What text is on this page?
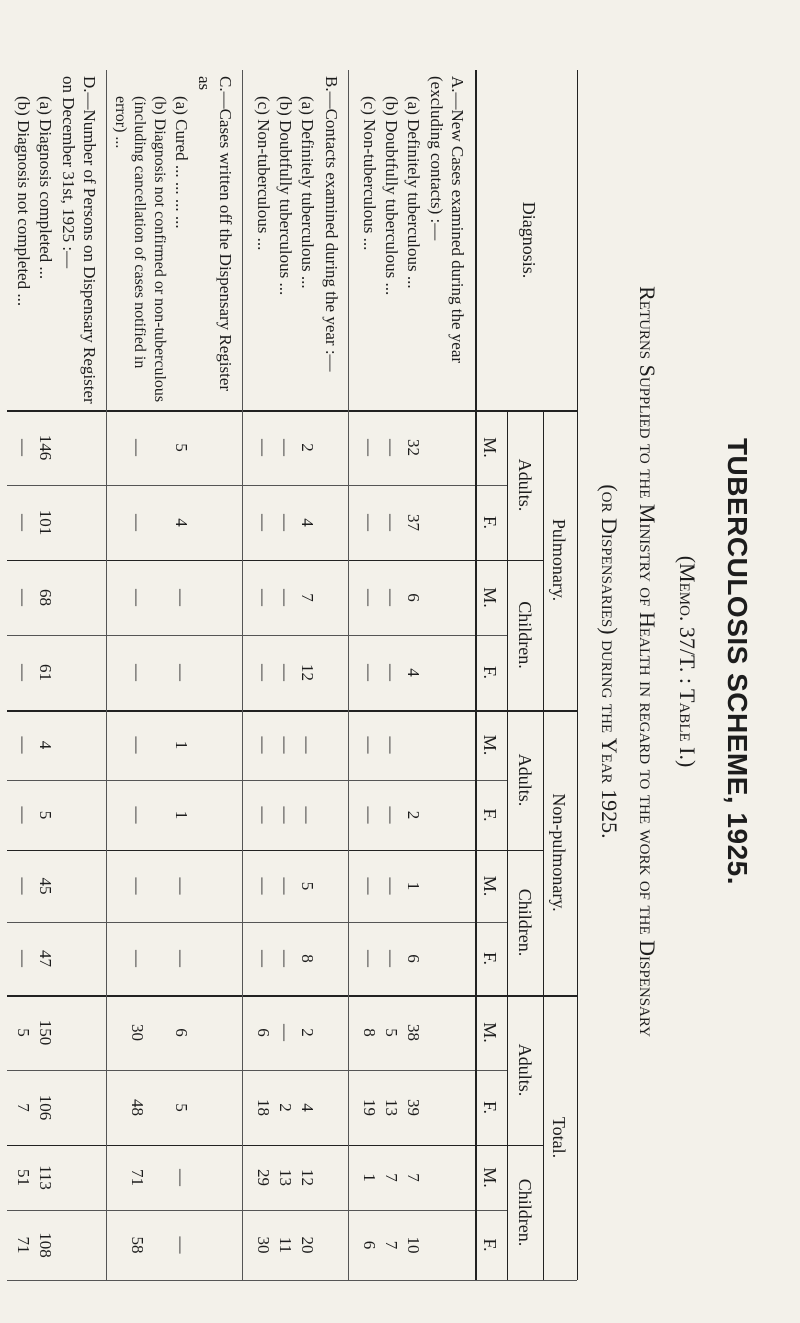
TUBERCULOSIS SCHEME, 1925.
(Memo. 37/T. : Table I.)
Returns Supplied to the Ministry of Health in regard to the work of the Dispensary
(or Dispensaries) during the Year 1925.
Diagnosis.
Pulmonary.
Non-pulmonary.
Total.
Adults.
Children.
Adults.
Children.
Adults.
Children.
M.
F.
M.
F.
M.
F.
M.
F.
M.
F.
M.
F.
A.—New Cases examined during the year (excluding contacts) :—
(a) Definitely tuberculous ...
(b) Doubtfully tuberculous ...
(c) Non-tuberculous ...
B.—Contacts examined during the year :—
(a) Definitely tuberculous ...
(b) Doubtfully tuberculous ...
(c) Non-tuberculous ...
C.—Cases written off the Dispensary Register as
(a) Cured ... ... ... ...
(b) Diagnosis not confirmed or non-tuberculous (including cancellation of cases notified in error) ...
D.—Number of Persons on Dispensary Register on December 31st, 1925 :—
(a) Diagnosis completed ...
(b) Diagnosis not completed ...
32
37
6
4
2
1
6
38
39
7
10
—
—
—
—
—
—
—
—
5
13
7
7
—
—
—
—
—
—
—
—
8
19
1
6
2
4
7
12
—
—
5
8
2
4
12
20
—
—
—
—
—
—
—
—
—
2
13
11
—
—
—
—
—
—
—
—
6
18
29
30
5
4
—
—
1
1
—
—
6
5
—
—
—
—
—
—
—
—
—
—
30
48
71
58
146
101
68
61
4
5
45
47
150
106
113
108
—
—
—
—
—
—
—
—
5
7
51
71
